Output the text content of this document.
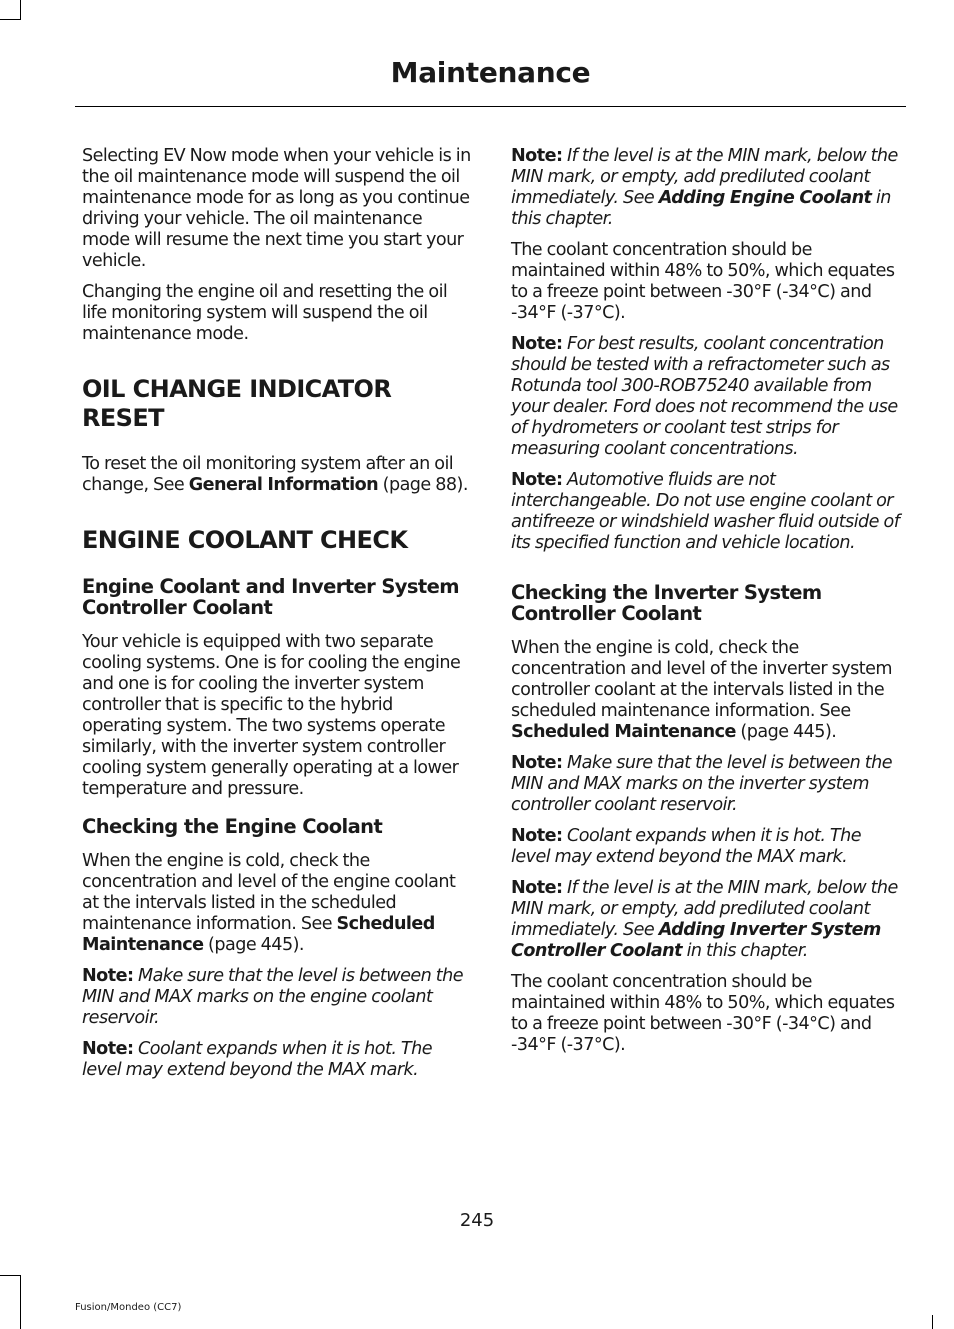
Maintenance

Selecting EV Now mode when your vehicle is in the oil maintenance mode will suspend the oil maintenance mode for as long as you continue driving your vehicle. The oil maintenance mode will resume the next time you start your vehicle.

Changing the engine oil and resetting the oil life monitoring system will suspend the oil maintenance mode.

OIL CHANGE INDICATOR RESET

To reset the oil monitoring system after an oil change, See General Information (page 88).

ENGINE COOLANT CHECK
Engine Coolant and Inverter System Controller Coolant

Your vehicle is equipped with two separate cooling systems. One is for cooling the engine and one is for cooling the inverter system controller that is specific to the hybrid operating system. The two systems operate similarly, with the inverter system controller cooling system generally operating at a lower temperature and pressure.

Checking the Engine Coolant

When the engine is cold, check the concentration and level of the engine coolant at the intervals listed in the scheduled maintenance information. See Scheduled Maintenance (page 445).

Note: Make sure that the level is between the MIN and MAX marks on the engine coolant reservoir.

Note: Coolant expands when it is hot. The level may extend beyond the MAX mark.

Note: If the level is at the MIN mark, below the MIN mark, or empty, add prediluted coolant immediately. See Adding Engine Coolant in this chapter.

The coolant concentration should be maintained within 48% to 50%, which equates to a freeze point between -30°F (-34°C) and -34°F (-37°C).

Note: For best results, coolant concentration should be tested with a refractometer such as Rotunda tool 300-ROB75240 available from your dealer. Ford does not recommend the use of hydrometers or coolant test strips for measuring coolant concentrations.

Note: Automotive fluids are not interchangeable. Do not use engine coolant or antifreeze or windshield washer fluid outside of its specified function and vehicle location.

Checking the Inverter System Controller Coolant

When the engine is cold, check the concentration and level of the inverter system controller coolant at the intervals listed in the scheduled maintenance information. See Scheduled Maintenance (page 445).

Note: Make sure that the level is between the MIN and MAX marks on the inverter system controller coolant reservoir.

Note: Coolant expands when it is hot. The level may extend beyond the MAX mark.

Note: If the level is at the MIN mark, below the MIN mark, or empty, add prediluted coolant immediately. See Adding Inverter System Controller Coolant in this chapter.

The coolant concentration should be maintained within 48% to 50%, which equates to a freeze point between -30°F (-34°C) and -34°F (-37°C).

245
Fusion/Mondeo (CC7)
